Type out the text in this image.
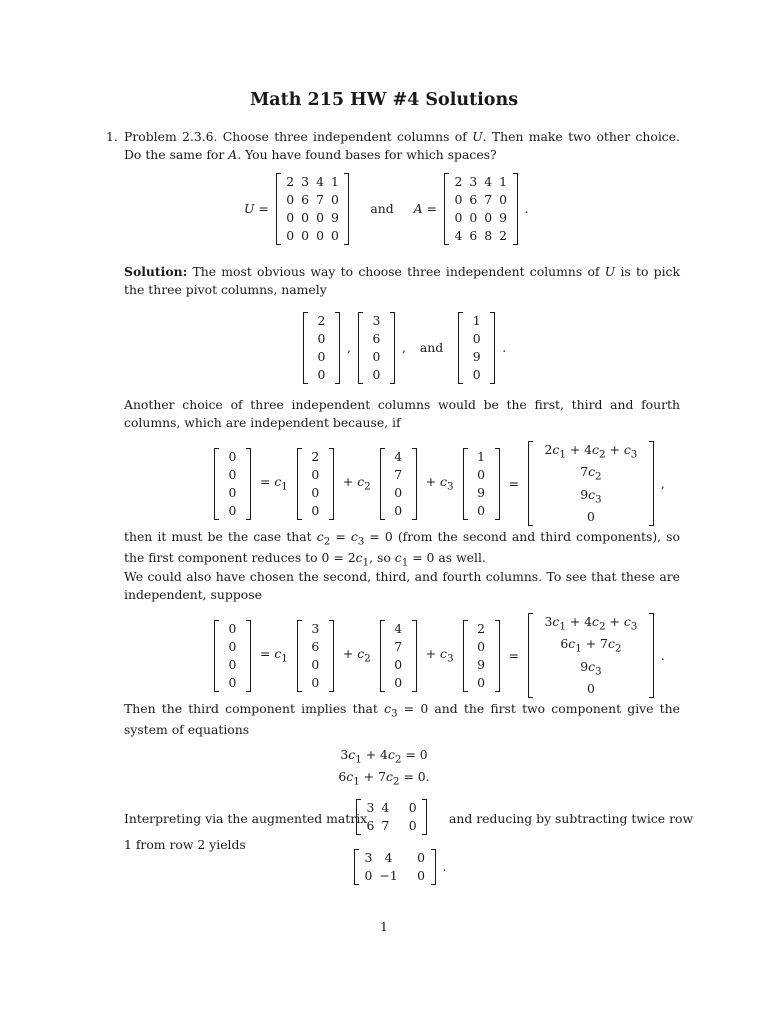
Math 215 HW #4 Solutions
1. Problem 2.3.6. Choose three independent columns of U. Then make two other choice. Do the same for A. You have found bases for which spaces?
U =
2	3	4	1
0	6	7	0
0	0	0	9
0	0	0	0
and	A =
2	3	4	1
0	6	7	0
0	0	0	9
4	6	8	2
.
Solution: The most obvious way to choose three independent columns of U is to pick the three pivot columns, namely
2
0
0
0
,
3
6
0
0
,	and
1
0
9
0
.
Another choice of three independent columns would be the first, third and fourth columns, which are independent because, if
0
0
0
0
= $c_1$
2
0
0
0
+ $c_2$
4
7
0
0
+ $c_3$
1
0
9
0
=
$2c_1 + 4c_2 + c_3$
$7c_2$
$9c_3$
0
,
then it must be the case that $c_2 = c_3 = 0$ (from the second and third components), so the first component reduces to $0 = 2c_1$, so $c_1 = 0$ as well.
We could also have chosen the second, third, and fourth columns. To see that these are independent, suppose
0
0
0
0
= $c_1$
3
6
0
0
+ $c_2$
4
7
0
0
+ $c_3$
2
0
9
0
=
$3c_1 + 4c_2 + c_3$
$6c_1 + 7c_2$
$9c_3$
0
.
Then the third component implies that $c_3 = 0$ and the first two component give the system of equations
$3c_1 + 4c_2 = 0$
$6c_1 + 7c_2 = 0$.
Interpreting via the augmented matrix
3	4	0
6	7	0	and reducing by subtracting twice row
1 from row 2 yields
3	4	0
0	−1	0
.
1
